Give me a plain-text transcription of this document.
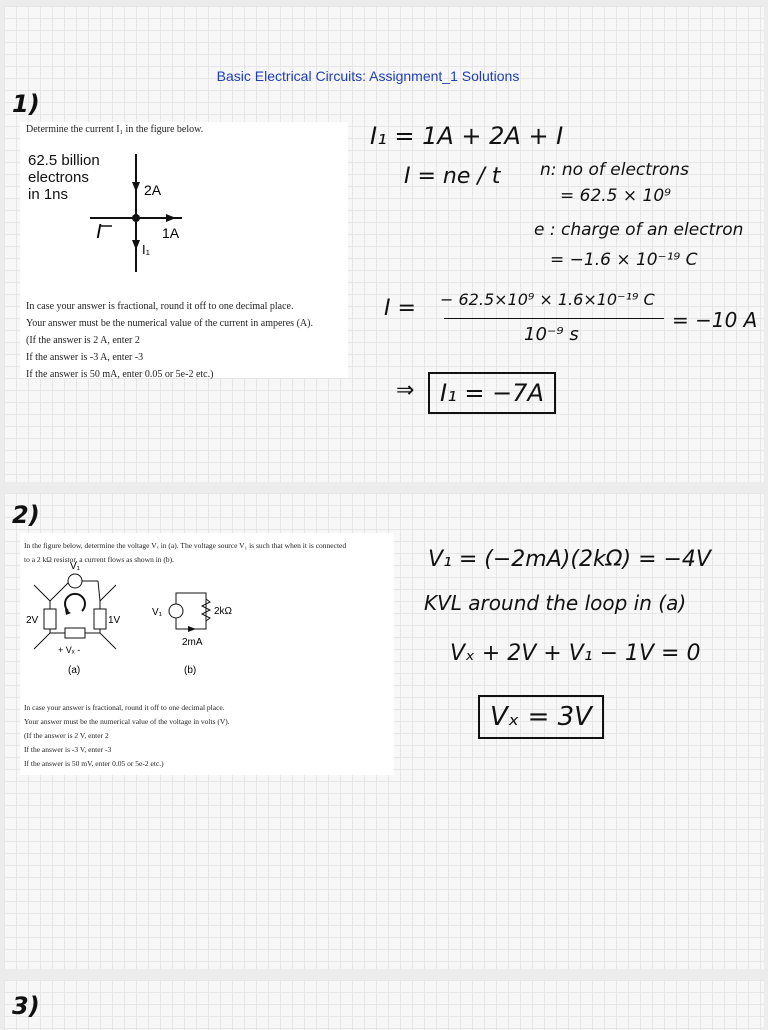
Basic Electrical Circuits: Assignment_1 Solutions
1)
Determine the current I₁ in the figure below.
62.5 billion
electrons
in 1ns	2A
1A
I₁
I
In case your answer is fractional, round it off to one decimal place.
Your answer must be the numerical value of the current in amperes (A).
(If the answer is 2 A, enter 2
If the answer is -3 A, enter -3
If the answer is 50 mA, enter 0.05 or 5e-2 etc.)
I₁ = 1A + 2A + I
I = ne / t n: no of electrons
= 62.5 × 10⁹
e : charge of an electron
= −1.6 × 10⁻¹⁹ C
I = − 62.5×10⁹ × 1.6×10⁻¹⁹ C
10⁻⁹ s
= −10 A
⇒	I₁ = −7A
2)
In the figure below, determine the voltage Vₓ in (a). The voltage source V₁ is such that when it is connected
to a 2 kΩ resistor, a current flows as shown in (b).
V₁
2V	1V
+ Vₓ -
(a)
V₁	2kΩ
2mA
(b)
In case your answer is fractional, round it off to one decimal place.
Your answer must be the numerical value of the voltage in volts (V).
(If the answer is 2 V, enter 2
If the answer is -3 V, enter -3
If the answer is 50 mV, enter 0.05 or 5e-2 etc.)
V₁ = (−2mA)(2kΩ) = −4V
KVL around the loop in (a)
Vₓ + 2V + V₁ − 1V = 0
Vₓ = 3V
3)
